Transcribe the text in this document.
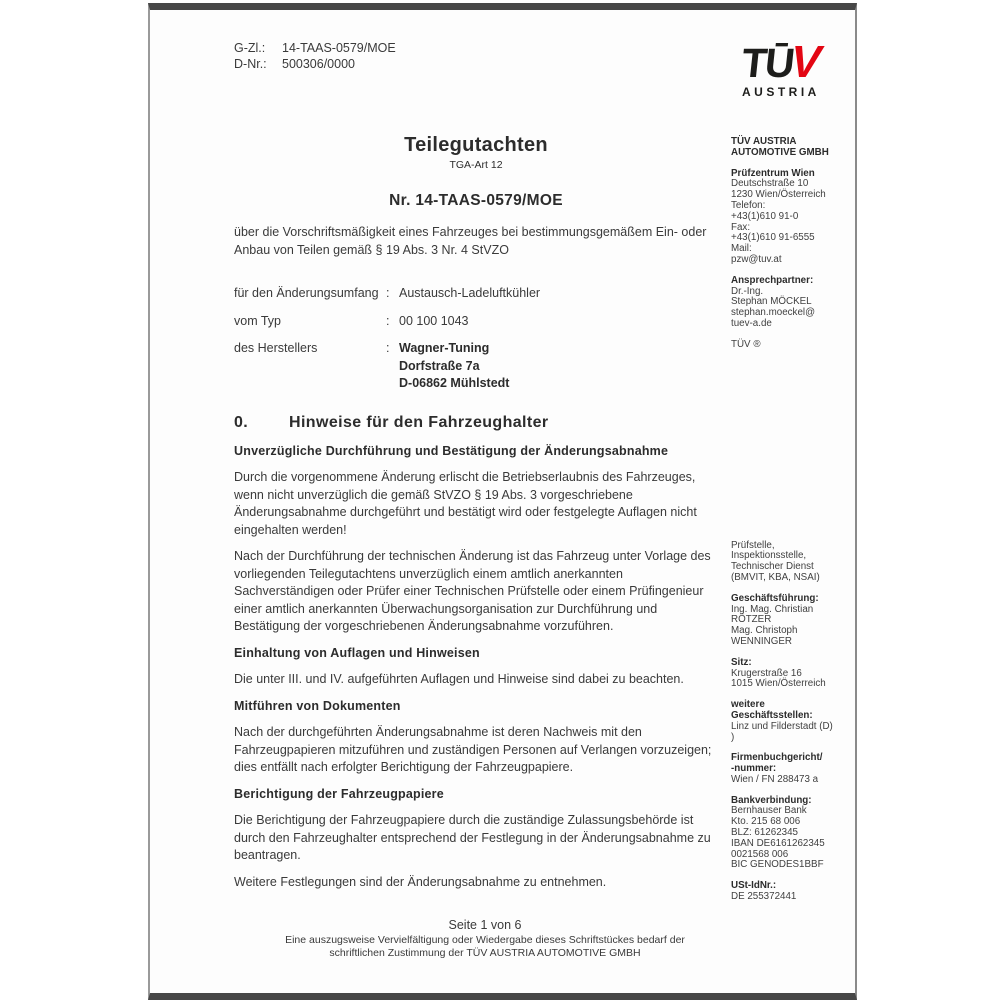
G-Zl.:	14-TAAS-0579/MOE
D-Nr.:	500306/0000	TŪV
AUSTRIA
Teilegutachten
TGA-Art 12
Nr. 14-TAAS-0579/MOE

über die Vorschriftsmäßigkeit eines Fahrzeuges bei bestimmungsgemäßem Ein- oder Anbau von Teilen gemäß § 19 Abs. 3 Nr. 4 StVZO

für den Änderungsumfang : Austausch-Ladeluftkühler
vom Typ	: 00 100 1043
des Herstellers	: Wagner-Tuning
Dorfstraße 7a
D-06862 Mühlstedt
0.	Hinweise für den Fahrzeughalter

Unverzügliche Durchführung und Bestätigung der Änderungsabnahme

Durch die vorgenommene Änderung erlischt die Betriebserlaubnis des Fahrzeuges, wenn nicht unverzüglich die gemäß StVZO § 19 Abs. 3 vorgeschriebene Änderungsabnahme durchgeführt und bestätigt wird oder festgelegte Auflagen nicht eingehalten werden!

Nach der Durchführung der technischen Änderung ist das Fahrzeug unter Vorlage des vorliegenden Teilegutachtens unverzüglich einem amtlich anerkannten Sachverständigen oder Prüfer einer Technischen Prüfstelle oder einem Prüfingenieur einer amtlich anerkannten Überwachungsorganisation zur Durchführung und Bestätigung der vorgeschriebenen Änderungsabnahme vorzuführen.

Einhaltung von Auflagen und Hinweisen

Die unter III. und IV. aufgeführten Auflagen und Hinweise sind dabei zu beachten.

Mitführen von Dokumenten

Nach der durchgeführten Änderungsabnahme ist deren Nachweis mit den Fahrzeugpapieren mitzuführen und zuständigen Personen auf Verlangen vorzuzeigen; dies entfällt nach erfolgter Berichtigung der Fahrzeugpapiere.

Berichtigung der Fahrzeugpapiere

Die Berichtigung der Fahrzeugpapiere durch die zuständige Zulassungsbehörde ist durch den Fahrzeughalter entsprechend der Festlegung in der Änderungsabnahme zu beantragen.

Weitere Festlegungen sind der Änderungsabnahme zu entnehmen.

TÜV AUSTRIA
AUTOMOTIVE GMBH
Prüfzentrum Wien
Deutschstraße 10
1230 Wien/Österreich
Telefon:
+43(1)610 91-0
Fax:
+43(1)610 91-6555
Mail:
pzw@tuv.at
Ansprechpartner:
Dr.-Ing.
Stephan MÖCKEL
stephan.moeckel@
tuev-a.de
TÜV ®
Prüfstelle,
Inspektionsstelle,
Technischer Dienst
(BMVIT, KBA, NSAI)
Geschäftsführung:
Ing. Mag. Christian
RÖTZER
Mag. Christoph
WENNINGER
Sitz:
Krugerstraße 16
1015 Wien/Österreich
weitere
Geschäftsstellen:
Linz und Filderstadt (D)
)
Firmenbuchgericht/
-nummer:
Wien / FN 288473 a
Bankverbindung:
Bernhauser Bank
Kto. 215 68 006
BLZ: 61262345
IBAN DE6161262345
0021568 006
BIC GENODES1BBF
USt-IdNr.:
DE 255372441
Seite 1 von 6
Eine auszugsweise Vervielfältigung oder Wiedergabe dieses Schriftstückes bedarf der
schriftlichen Zustimmung der TÜV AUSTRIA AUTOMOTIVE GMBH
